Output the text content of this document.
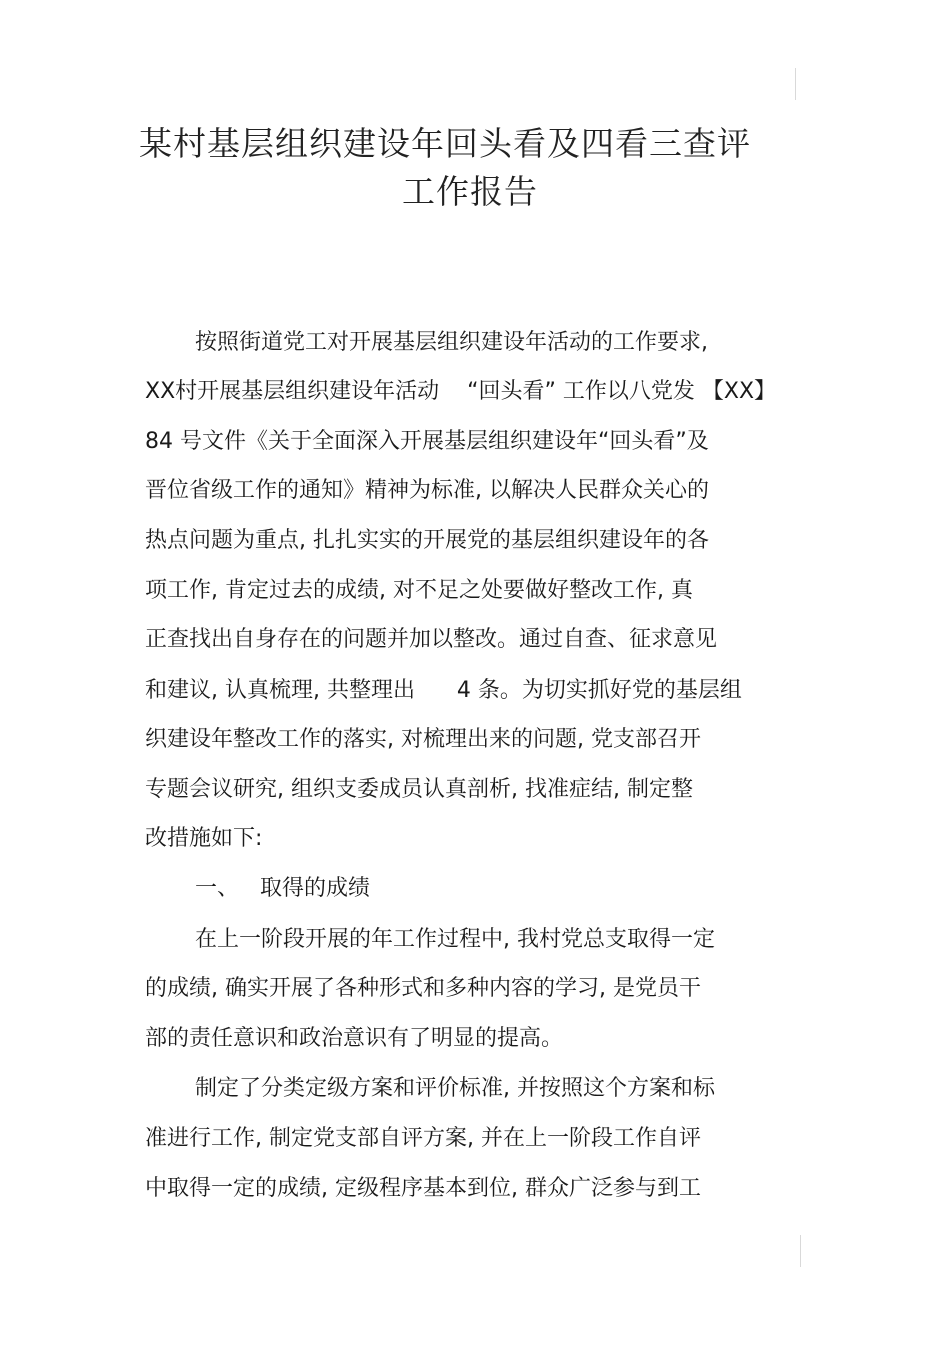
某村基层组织建设年回头看及四看三查评
工作报告
按照街道党工对开展基层组织建设年活动的工作要求,
XX村开展基层组织建设年活动    “回头看” 工作以八党发 【XX】
84 号文件《关于全面深入开展基层组织建设年“回头看”及
晋位省级工作的通知》精神为标准, 以解决人民群众关心的
热点问题为重点, 扎扎实实的开展党的基层组织建设年的各
项工作, 肯定过去的成绩, 对不足之处要做好整改工作, 真
正查找出自身存在的问题并加以整改。通过自查、征求意见
和建议, 认真梳理, 共整理出      4 条。为切实抓好党的基层组
织建设年整改工作的落实, 对梳理出来的问题, 党支部召开
专题会议研究, 组织支委成员认真剖析, 找准症结, 制定整
改措施如下:
一、   取得的成绩
在上一阶段开展的年工作过程中, 我村党总支取得一定
的成绩, 确实开展了各种形式和多种内容的学习, 是党员干
部的责任意识和政治意识有了明显的提高。
制定了分类定级方案和评价标准, 并按照这个方案和标
准进行工作, 制定党支部自评方案, 并在上一阶段工作自评
中取得一定的成绩, 定级程序基本到位, 群众广泛参与到工
